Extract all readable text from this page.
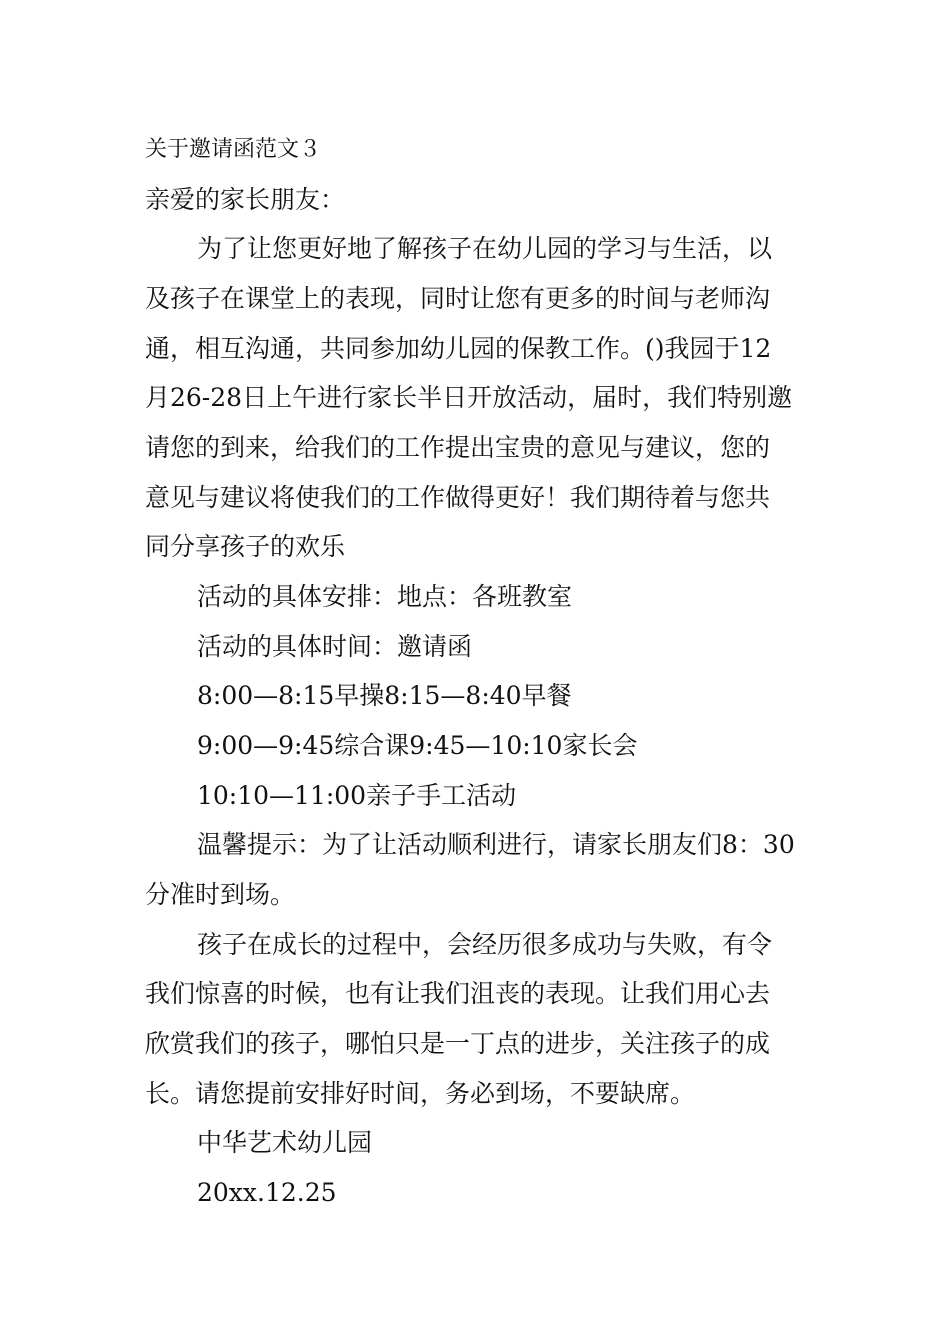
关于邀请函范文３
亲爱的家长朋友：
为了让您更好地了解孩子在幼儿园的学习与生活，以
及孩子在课堂上的表现，同时让您有更多的时间与老师沟
通，相互沟通，共同参加幼儿园的保教工作。()我园于12
月26-28日上午进行家长半日开放活动，届时，我们特别邀
请您的到来，给我们的工作提出宝贵的意见与建议，您的
意见与建议将使我们的工作做得更好！我们期待着与您共
同分享孩子的欢乐
活动的具体安排：地点：各班教室
活动的具体时间：邀请函
8:00—8:15早操8:15—8:40早餐
9:00—9:45综合课9:45—10:10家长会
10:10—11:00亲子手工活动
温馨提示：为了让活动顺利进行，请家长朋友们8：30
分准时到场。
孩子在成长的过程中，会经历很多成功与失败，有令
我们惊喜的时候，也有让我们沮丧的表现。让我们用心去
欣赏我们的孩子，哪怕只是一丁点的进步，关注孩子的成
长。请您提前安排好时间，务必到场，不要缺席。
中华艺术幼儿园
20xx.12.25
